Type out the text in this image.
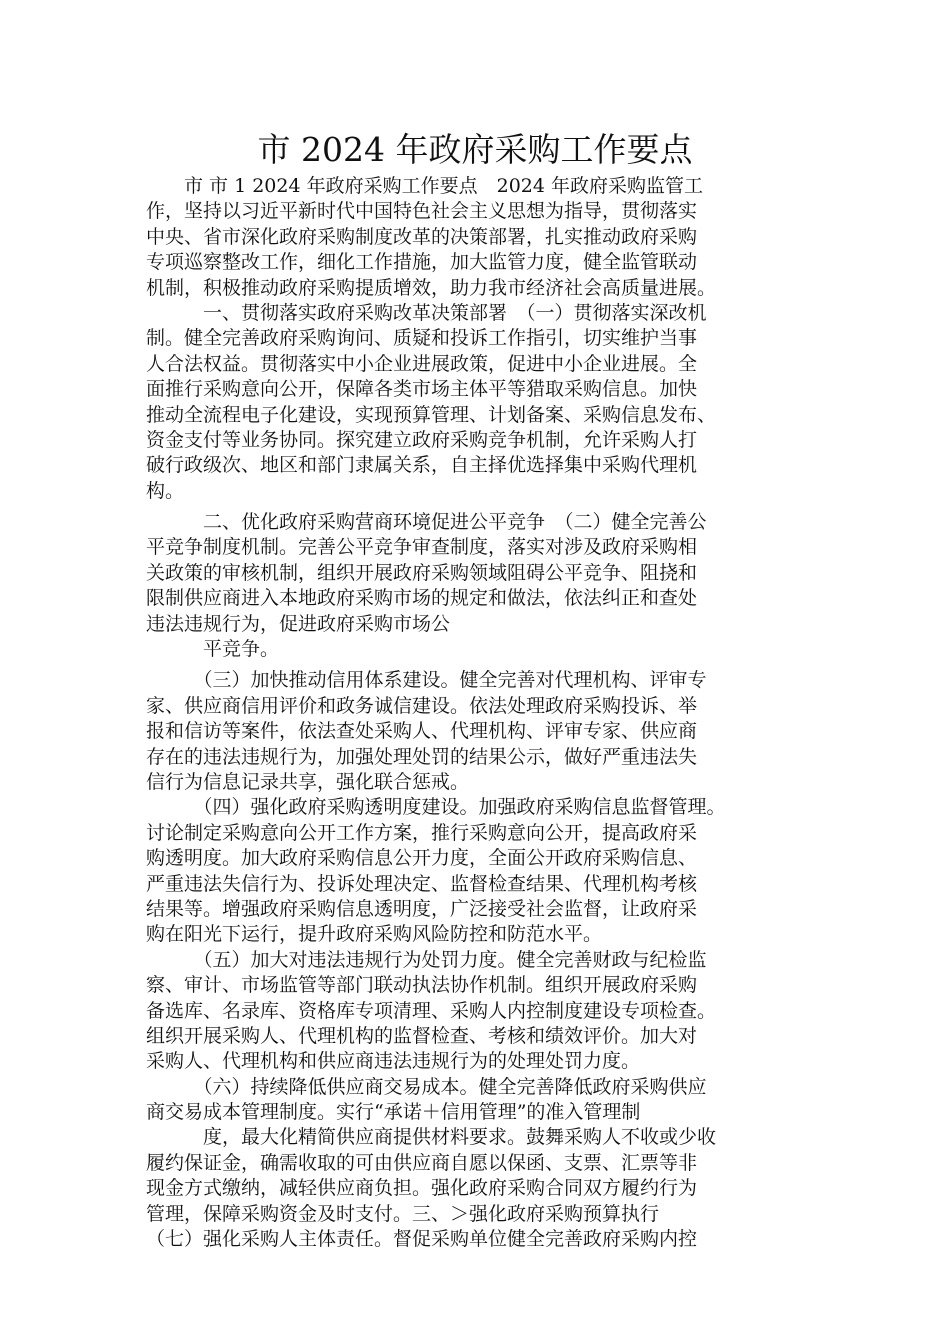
市 2024 年政府采购工作要点
　　市 市 1 2024 年政府采购工作要点　2024 年政府采购监管工
作，坚持以习近平新时代中国特色社会主义思想为指导，贯彻落实
中央、省市深化政府采购制度改革的决策部署，扎实推动政府采购
专项巡察整改工作，细化工作措施，加大监管力度，健全监管联动
机制，积极推动政府采购提质增效，助力我市经济社会高质量进展。
　　　一、贯彻落实政府采购改革决策部署　（一）贯彻落实深改机
制。健全完善政府采购询问、质疑和投诉工作指引，切实维护当事
人合法权益。贯彻落实中小企业进展政策，促进中小企业进展。全
面推行采购意向公开，保障各类市场主体平等猎取采购信息。加快
推动全流程电子化建设，实现预算管理、计划备案、采购信息发布、
资金支付等业务协同。探究建立政府采购竞争机制，允许采购人打
破行政级次、地区和部门隶属关系，自主择优选择集中采购代理机
构。
　　　二、优化政府采购营商环境促进公平竞争　（二）健全完善公
平竞争制度机制。完善公平竞争审查制度，落实对涉及政府采购相
关政策的审核机制，组织开展政府采购领域阻碍公平竞争、阻挠和
限制供应商进入本地政府采购市场的规定和做法，依法纠正和查处
违法违规行为，促进政府采购市场公
　　　平竞争。
　　　（三）加快推动信用体系建设。健全完善对代理机构、评审专
家、供应商信用评价和政务诚信建设。依法处理政府采购投诉、举
报和信访等案件，依法查处采购人、代理机构、评审专家、供应商
存在的违法违规行为，加强处理处罚的结果公示，做好严重违法失
信行为信息记录共享，强化联合惩戒。
　　　（四）强化政府采购透明度建设。加强政府采购信息监督管理。
讨论制定采购意向公开工作方案，推行采购意向公开，提高政府采
购透明度。加大政府采购信息公开力度，全面公开政府采购信息、
严重违法失信行为、投诉处理决定、监督检查结果、代理机构考核
结果等。增强政府采购信息透明度，广泛接受社会监督，让政府采
购在阳光下运行，提升政府采购风险防控和防范水平。
　　　（五）加大对违法违规行为处罚力度。健全完善财政与纪检监
察、审计、市场监管等部门联动执法协作机制。组织开展政府采购
备选库、名录库、资格库专项清理、采购人内控制度建设专项检查。
组织开展采购人、代理机构的监督检查、考核和绩效评价。加大对
采购人、代理机构和供应商违法违规行为的处理处罚力度。
　　　（六）持续降低供应商交易成本。健全完善降低政府采购供应
商交易成本管理制度。实行“承诺＋信用管理”的准入管理制
　　　度，最大化精简供应商提供材料要求。鼓舞采购人不收或少收
履约保证金，确需收取的可由供应商自愿以保函、支票、汇票等非
现金方式缴纳，减轻供应商负担。强化政府采购合同双方履约行为
管理，保障采购资金及时支付。三、＞强化政府采购预算执行
（七）强化采购人主体责任。督促采购单位健全完善政府采购内控
